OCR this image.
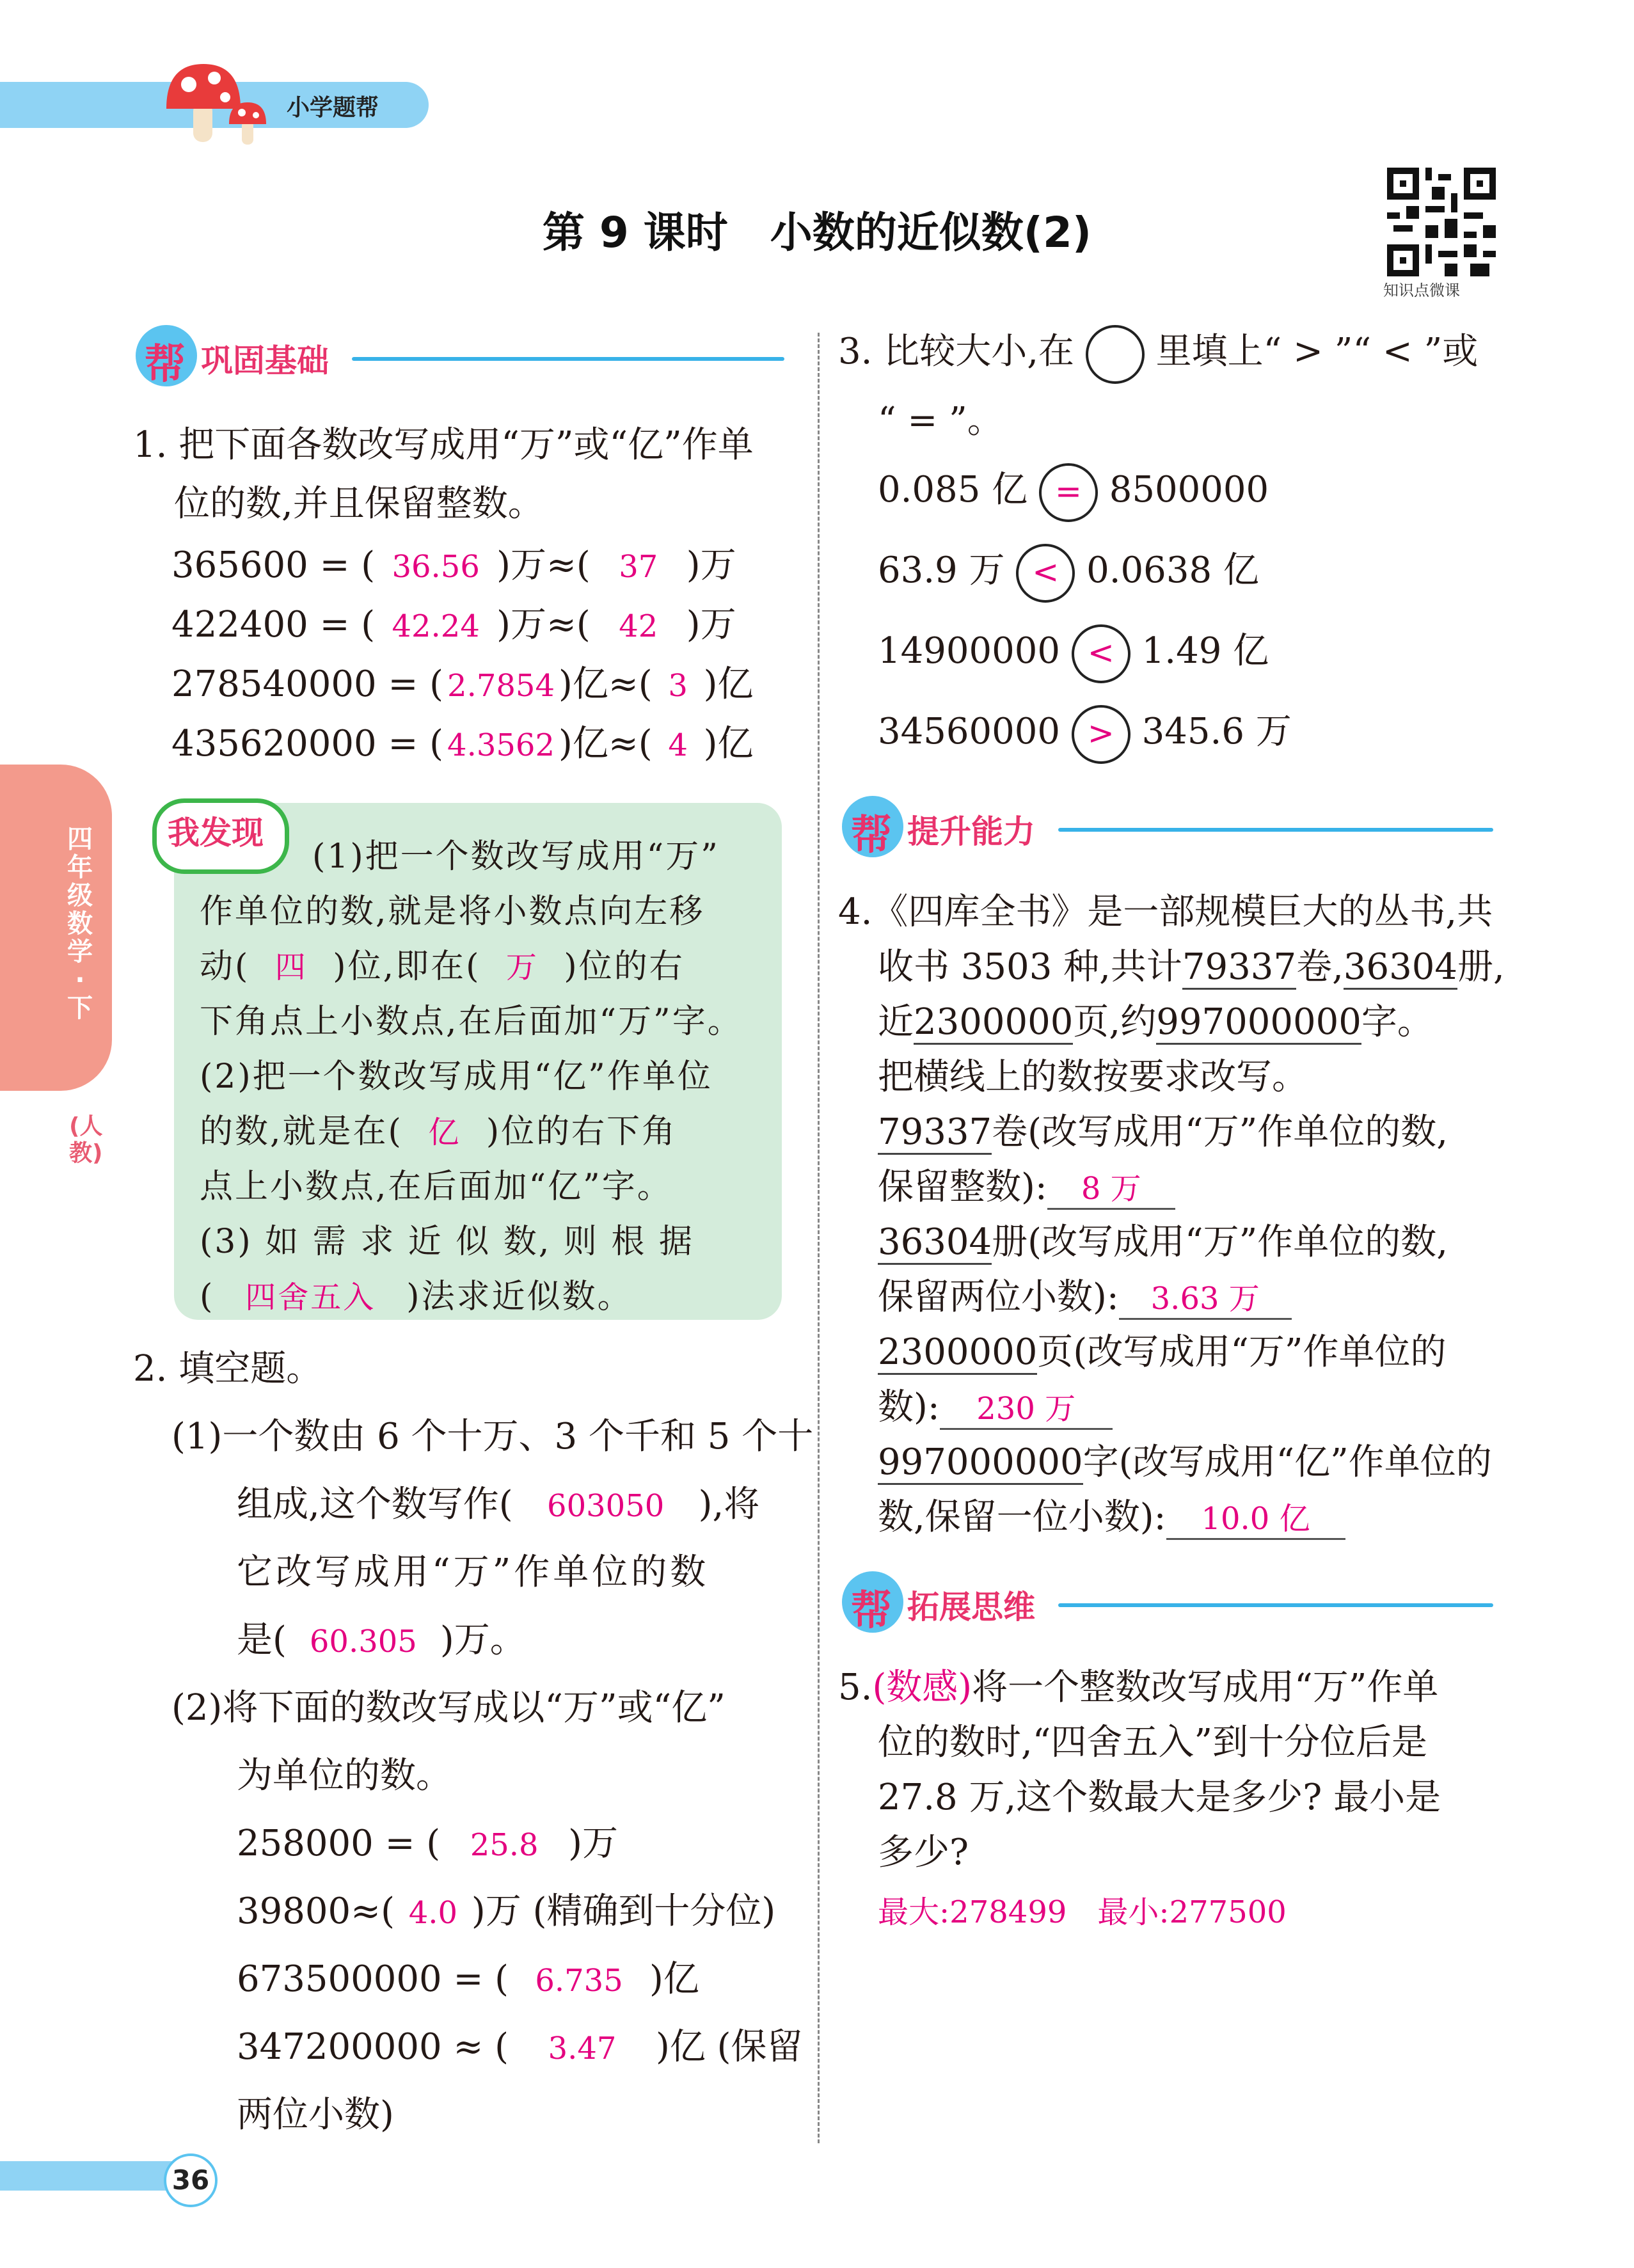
小学题帮
第 9 课时　小数的近似数(2)
知识点微课
四年级数学·下
(人教)
帮 巩固基础
1. 把下面各数改写成用“万”或“亿”作单
位的数,并且保留整数。
365600 = ( 36.56 )万≈( 37 )万
422400 = ( 42.24 )万≈( 42 )万
278540000 = ( 2.7854 )亿≈( 3 )亿
435620000 = ( 4.3562 )亿≈( 4 )亿
我发现
(1)把一个数改写成用“万”
作单位的数,就是将小数点向左移
动( 四 )位,即在( 万 )位的右
下角点上小数点,在后面加“万”字。
(2)把一个数改写成用“亿”作单位
的数,就是在( 亿 )位的右下角
点上小数点,在后面加“亿”字。
(3) 如 需 求 近 似 数, 则 根 据
( 四舍五入 )法求近似数。
2. 填空题。
(1)一个数由 6 个十万、3 个千和 5 个十
组成,这个数写作( 603050 ),将
它改写成用“万”作单位的数
是( 60.305 )万。
(2)将下面的数改写成以“万”或“亿”
为单位的数。
258000 = ( 25.8 )万
39800≈( 4.0 )万 (精确到十分位)
673500000 = ( 6.735 )亿
347200000 ≈ ( 3.47 )亿 (保留
两位小数)
3. 比较大小,在 里填上“ > ”“ < ”或
“ = ”。
0.085 亿 = 8500000
63.9 万 < 0.0638 亿
14900000 < 1.49 亿
34560000 > 345.6 万
帮 提升能力
4.《四库全书》是一部规模巨大的丛书,共
收书 3503 种,共计79337卷,36304册,
近2300000页,约997000000字。
把横线上的数按要求改写。
79337卷(改写成用“万”作单位的数,
保留整数): 8 万
36304册(改写成用“万”作单位的数,
保留两位小数): 3.63 万
2300000页(改写成用“万”作单位的
数): 230 万
997000000字(改写成用“亿”作单位的
数,保留一位小数): 10.0 亿
帮 拓展思维
5.(数感)将一个整数改写成用“万”作单
位的数时,“四舍五入”到十分位后是
27.8 万,这个数最大是多少? 最小是
多少?
最大:278499　最小:277500
36
